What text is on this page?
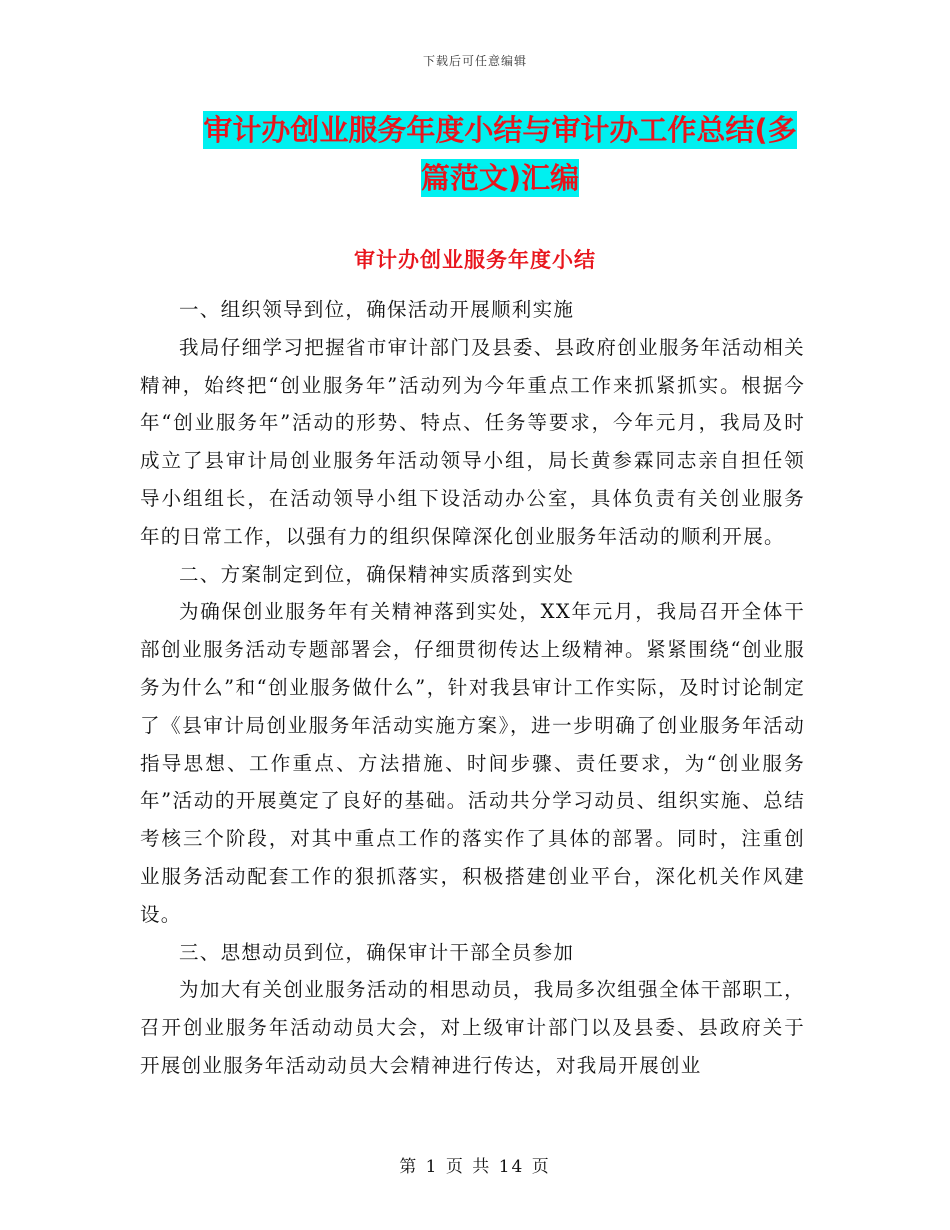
下载后可任意编辑
审计办创业服务年度小结与审计办工作总结(多篇范文)汇编
审计办创业服务年度小结

一、组织领导到位，确保活动开展顺利实施

我局仔细学习把握省市审计部门及县委、县政府创业服务年活动相关精神，始终把“创业服务年”活动列为今年重点工作来抓紧抓实。根据今年“创业服务年”活动的形势、特点、任务等要求，今年元月，我局及时成立了县审计局创业服务年活动领导小组，局长黄参霖同志亲自担任领导小组组长，在活动领导小组下设活动办公室，具体负责有关创业服务年的日常工作，以强有力的组织保障深化创业服务年活动的顺利开展。

二、方案制定到位，确保精神实质落到实处

为确保创业服务年有关精神落到实处，XX年元月，我局召开全体干部创业服务活动专题部署会，仔细贯彻传达上级精神。紧紧围绕“创业服务为什么”和“创业服务做什么”，针对我县审计工作实际，及时讨论制定了《县审计局创业服务年活动实施方案》，进一步明确了创业服务年活动指导思想、工作重点、方法措施、时间步骤、责任要求，为“创业服务年”活动的开展奠定了良好的基础。活动共分学习动员、组织实施、总结考核三个阶段，对其中重点工作的落实作了具体的部署。同时，注重创业服务活动配套工作的狠抓落实，积极搭建创业平台，深化机关作风建设。

三、思想动员到位，确保审计干部全员参加

为加大有关创业服务活动的相思动员，我局多次组强全体干部职工，召开创业服务年活动动员大会，对上级审计部门以及县委、县政府关于开展创业服务年活动动员大会精神进行传达，对我局开展创业

第 1 页 共 14 页
